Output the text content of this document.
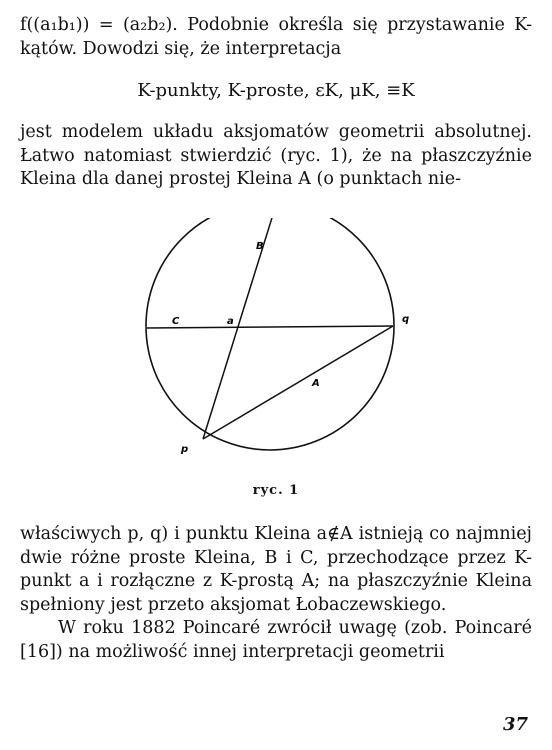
f((a₁b₁)) = (a₂b₂). Podobnie określa się przystawanie K-kątów. Dowodzi się, że interpretacja

K-punkty, K-proste, εK, μK, ≡K

jest modelem układu aksjomatów geometrii absolutnej. Łatwo natomiast stwierdzić (ryc. 1), że na płaszczyźnie Kleina dla danej prostej Kleina A (o punktach nie-

B
C	a	q
A
p
ryc. 1

właściwych p, q) i punktu Kleina a∉A istnieją co najmniej dwie różne proste Kleina, B i C, przechodzące przez K-punkt a i rozłączne z K-prostą A; na płaszczyźnie Kleina spełniony jest przeto aksjomat Łobaczewskiego.

W roku 1882 Poincaré zwrócił uwagę (zob. Poincaré [16]) na możliwość innej interpretacji geometrii

37
